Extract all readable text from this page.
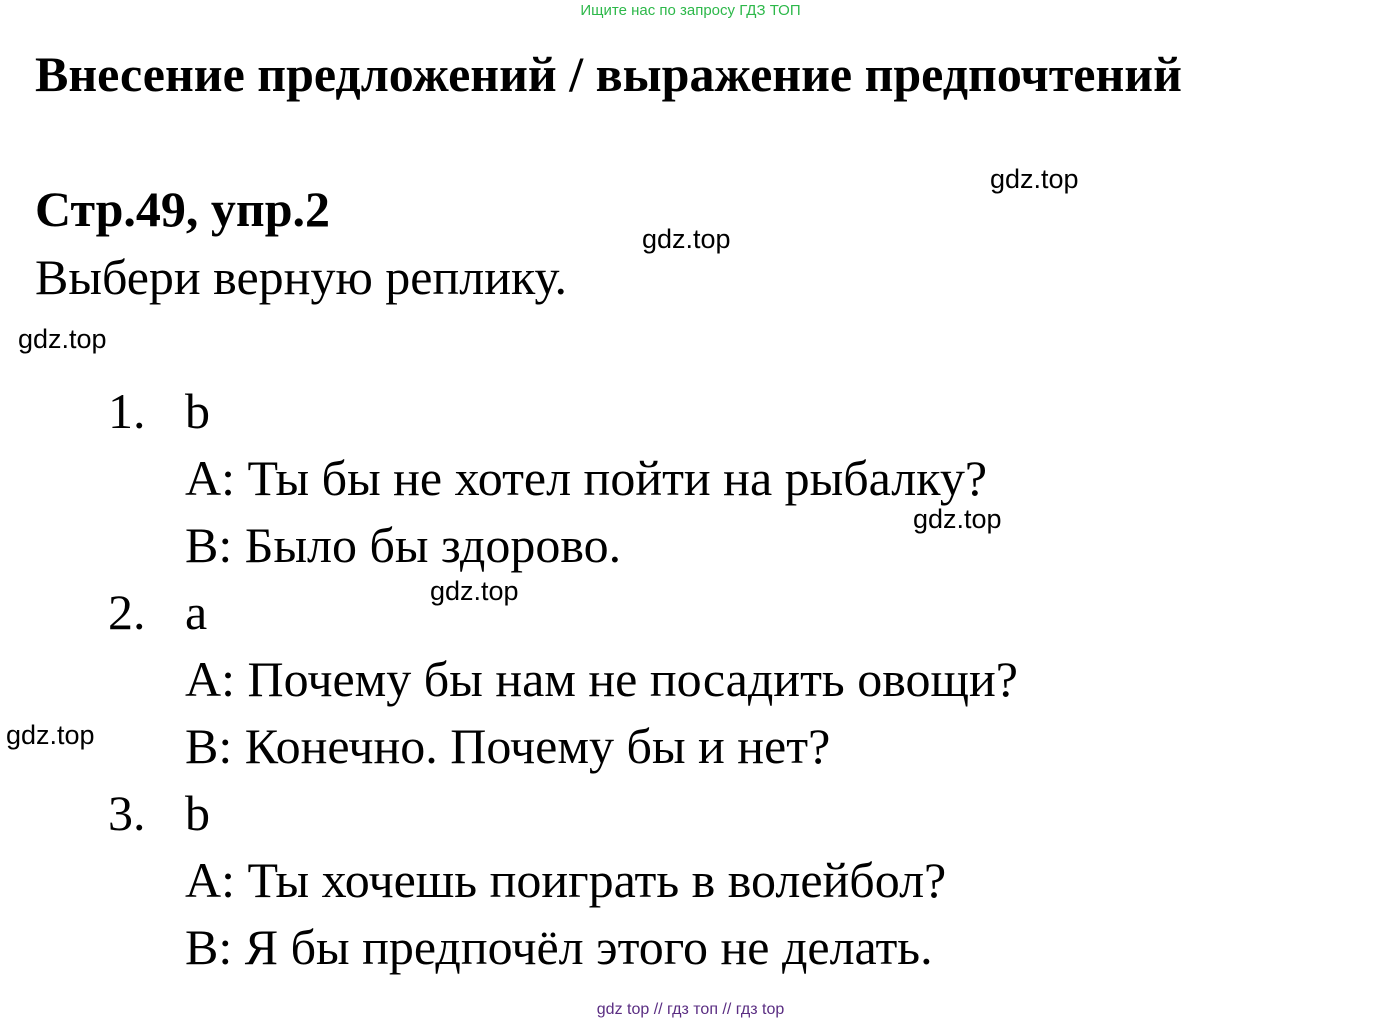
Ищите нас по запросу ГДЗ ТОП
Внесение предложений / выражение предпочтений
Стр.49, упр.2

Выбери верную реплику.

1. b
A: Ты бы не хотел пойти на рыбалку?
B: Было бы здорово.
2. a
A: Почему бы нам не посадить овощи?
B: Конечно. Почему бы и нет?
3. b
A: Ты хочешь поиграть в волейбол?
B: Я бы предпочёл этого не делать.
gdz.top
gdz.top
gdz.top
gdz.top
gdz.top
gdz.top
gdz top // гдз топ // гдз top
